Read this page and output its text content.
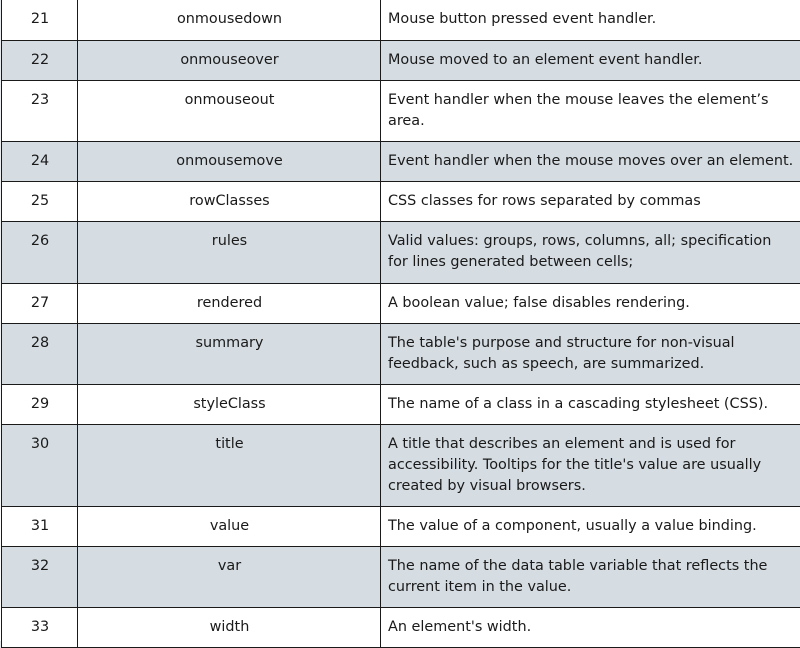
21	onmousedown	Mouse button pressed event handler.
22	onmouseover	Mouse moved to an element event handler.
23	onmouseout	Event handler when the mouse leaves the element’s area.
24	onmousemove	Event handler when the mouse moves over an element.
25	rowClasses	CSS classes for rows separated by commas
26	rules	Valid values: groups, rows, columns, all; specification for lines generated between cells;
27	rendered	A boolean value; false disables rendering.
28	summary	The table's purpose and structure for non-visual feedback, such as speech, are summarized.
29	styleClass	The name of a class in a cascading stylesheet (CSS).
30	title	A title that describes an element and is used for accessibility. Tooltips for the title's value are usually created by visual browsers.
31	value	The value of a component, usually a value binding.
32	var	The name of the data table variable that reflects the current item in the value.
33	width	An element's width.
